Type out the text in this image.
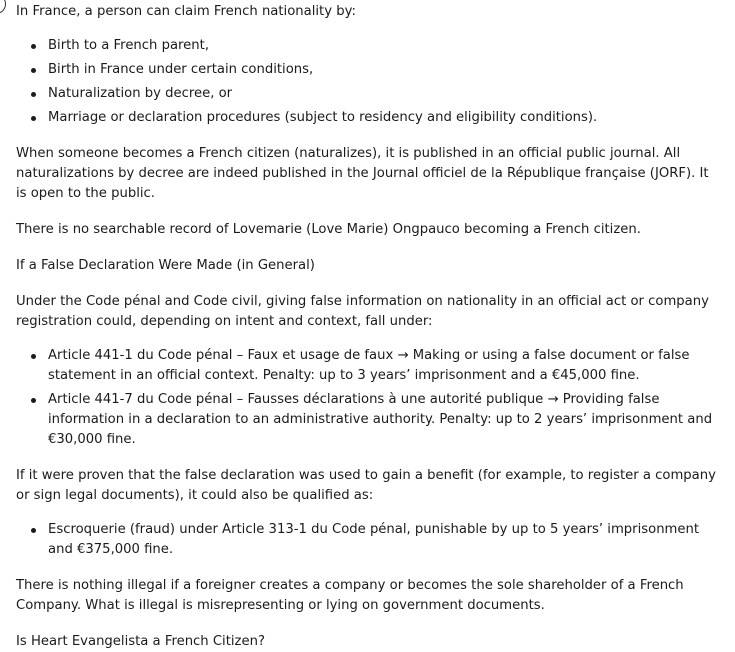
In France, a person can claim French nationality by:

Birth to a French parent,
Birth in France under certain conditions,
Naturalization by decree, or
Marriage or declaration procedures (subject to residency and eligibility conditions).

When someone becomes a French citizen (naturalizes), it is published in an official public journal. All naturalizations by decree are indeed published in the Journal officiel de la République française (JORF). It is open to the public.

There is no searchable record of Lovemarie (Love Marie) Ongpauco becoming a French citizen.

If a False Declaration Were Made (in General)

Under the Code pénal and Code civil, giving false information on nationality in an official act or company registration could, depending on intent and context, fall under:

Article 441-1 du Code pénal – Faux et usage de faux → Making or using a false document or false statement in an official context. Penalty: up to 3 years’ imprisonment and a €45,000 fine.
Article 441-7 du Code pénal – Fausses déclarations à une autorité publique → Providing false information in a declaration to an administrative authority. Penalty: up to 2 years’ imprisonment and €30,000 fine.

If it were proven that the false declaration was used to gain a benefit (for example, to register a company or sign legal documents), it could also be qualified as:

Escroquerie (fraud) under Article 313-1 du Code pénal, punishable by up to 5 years’ imprisonment and €375,000 fine.

There is nothing illegal if a foreigner creates a company or becomes the sole shareholder of a French Company. What is illegal is misrepresenting or lying on government documents.

Is Heart Evangelista a French Citizen?
